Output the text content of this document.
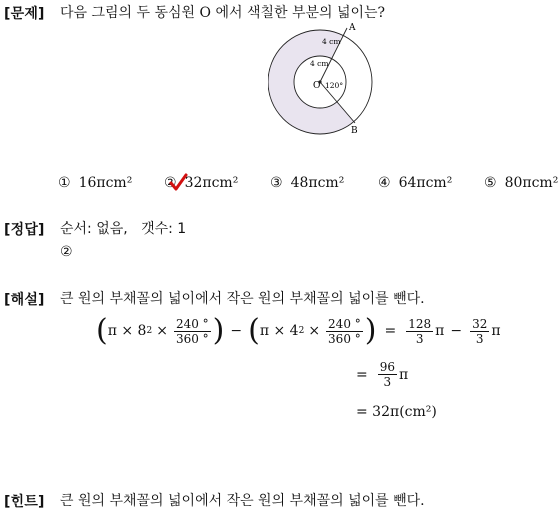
[문제] 다음 그림의 두 동심원 O 에서 색칠한 부분의 넓이는?
A
B
O
4 cm
4 cm
120°
① 16πcm² ② 32πcm² ③ 48πcm² ④ 64πcm² ⑤ 80πcm²
[정답] 순서: 없음,   갯수: 1
②
[해설] 큰 원의 부채꼴의 넓이에서 작은 원의 부채꼴의 넓이를 뺀다.
( π × 8 $2 \times \frac{240 ^\circ}{360 ^\circ}$ ) − ( π × 4 $2 \times \frac{240 ^\circ}{360 ^\circ}$ ) = $\frac{128}{3}$ $\pi - \frac{32}{3}$ π
= $\frac{96}{3}$ π
= 32π(cm²)
[힌트] 큰 원의 부채꼴의 넓이에서 작은 원의 부채꼴의 넓이를 뺀다.
